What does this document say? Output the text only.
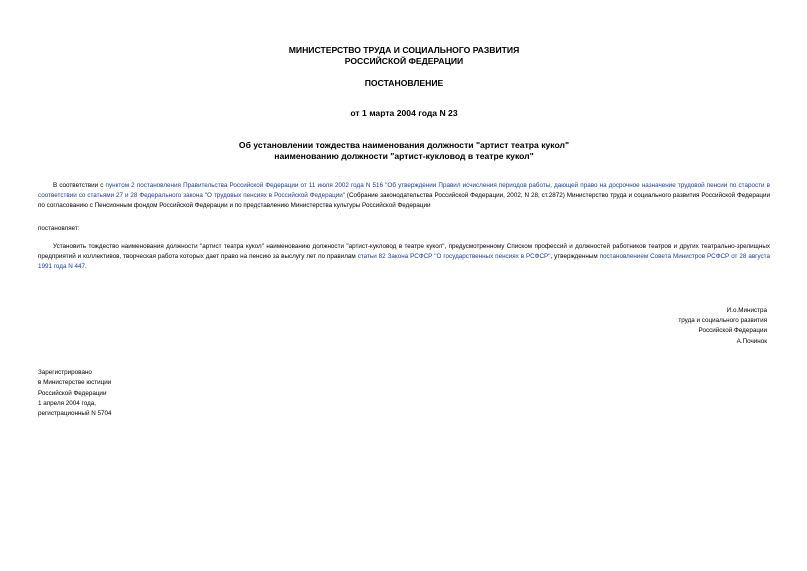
МИНИСТЕРСТВО ТРУДА И СОЦИАЛЬНОГО РАЗВИТИЯ
РОССИЙСКОЙ ФЕДЕРАЦИИ
ПОСТАНОВЛЕНИЕ
от 1 марта 2004 года N 23
Об установлении тождества наименования должности "артист театра кукол"
наименованию должности "артист-кукловод в театре кукол"
В соответствии с пунктом 2 постановления Правительства Российской Федерации от 11 июля 2002 года N 516 "Об утверждении Правил исчисления периодов работы, дающей право на досрочное назначение трудовой пенсии по старости в соответствии со статьями 27 и 28 Федерального закона "О трудовых пенсиях в Российской Федерации" (Собрание законодательства Российской Федерации, 2002, N 28, ст.2872) Министерство труда и социального развития Российской Федерации по согласованию с Пенсионным фондом Российской Федерации и по представлению Министерства культуры Российской Федерации
постановляет:
Установить тождество наименования должности "артист театра кукол" наименованию должности "артист-кукловод в театре кукол", предусмотренному Списком профессий и должностей работников театров и других театрально-зрелищных предприятий и коллективов, творческая работа которых дает право на пенсию за выслугу лет по правилам статьи 82 Закона РСФСР "О государственных пенсиях в РСФСР", утвержденным постановлением Совета Министров РСФСР от 28 августа 1991 года N 447.
И.о.Министра
труда и социального развития
Российской Федерации
А.Починок
Зарегистрировано
в Министерстве юстиции
Российской Федерации
1 апреля 2004 года,
регистрационный N 5704
